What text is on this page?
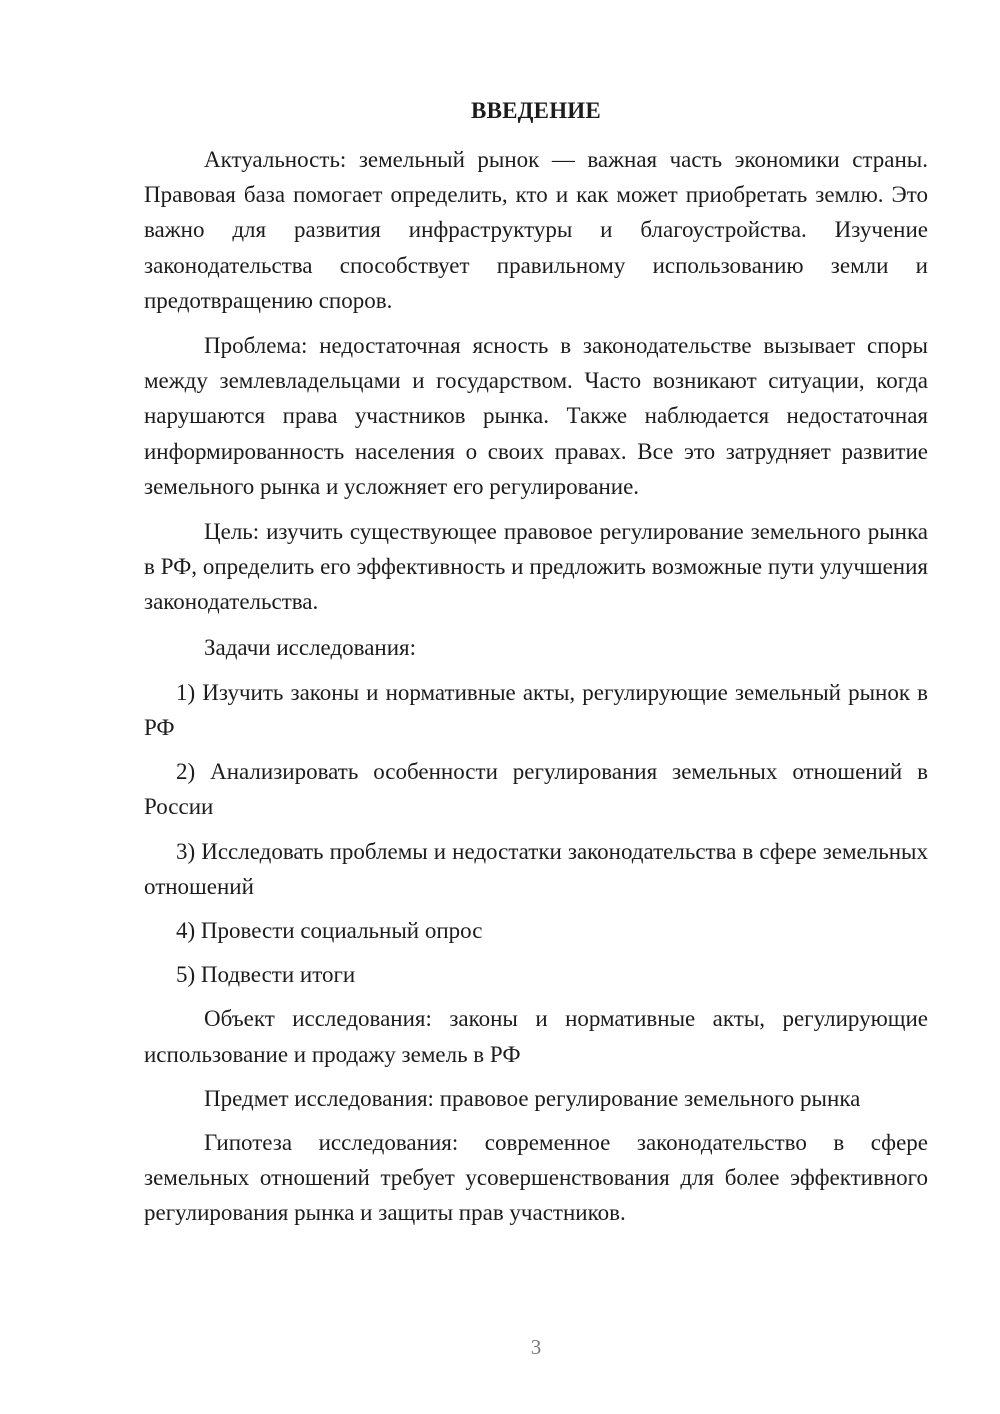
ВВЕДЕНИЕ

Актуальность: земельный рынок — важная часть экономики страны. Правовая база помогает определить, кто и как может приобретать землю. Это важно для развития инфраструктуры и благоустройства. Изучение законодательства способствует правильному использованию земли и предотвращению споров.

Проблема: недостаточная ясность в законодательстве вызывает споры между землевладельцами и государством. Часто возникают ситуации, когда нарушаются права участников рынка. Также наблюдается недостаточная информированность населения о своих правах. Все это затрудняет развитие земельного рынка и усложняет его регулирование.

Цель: изучить существующее правовое регулирование земельного рынка в РФ, определить его эффективность и предложить возможные пути улучшения законодательства.

Задачи исследования:

1) Изучить законы и нормативные акты, регулирующие земельный рынок в РФ

2) Анализировать особенности регулирования земельных отношений в России

3) Исследовать проблемы и недостатки законодательства в сфере земельных отношений

4) Провести социальный опрос

5) Подвести итоги

Объект исследования: законы и нормативные акты, регулирующие использование и продажу земель в РФ

Предмет исследования: правовое регулирование земельного рынка

Гипотеза исследования: современное законодательство в сфере земельных отношений требует усовершенствования для более эффективного регулирования рынка и защиты прав участников.

3
